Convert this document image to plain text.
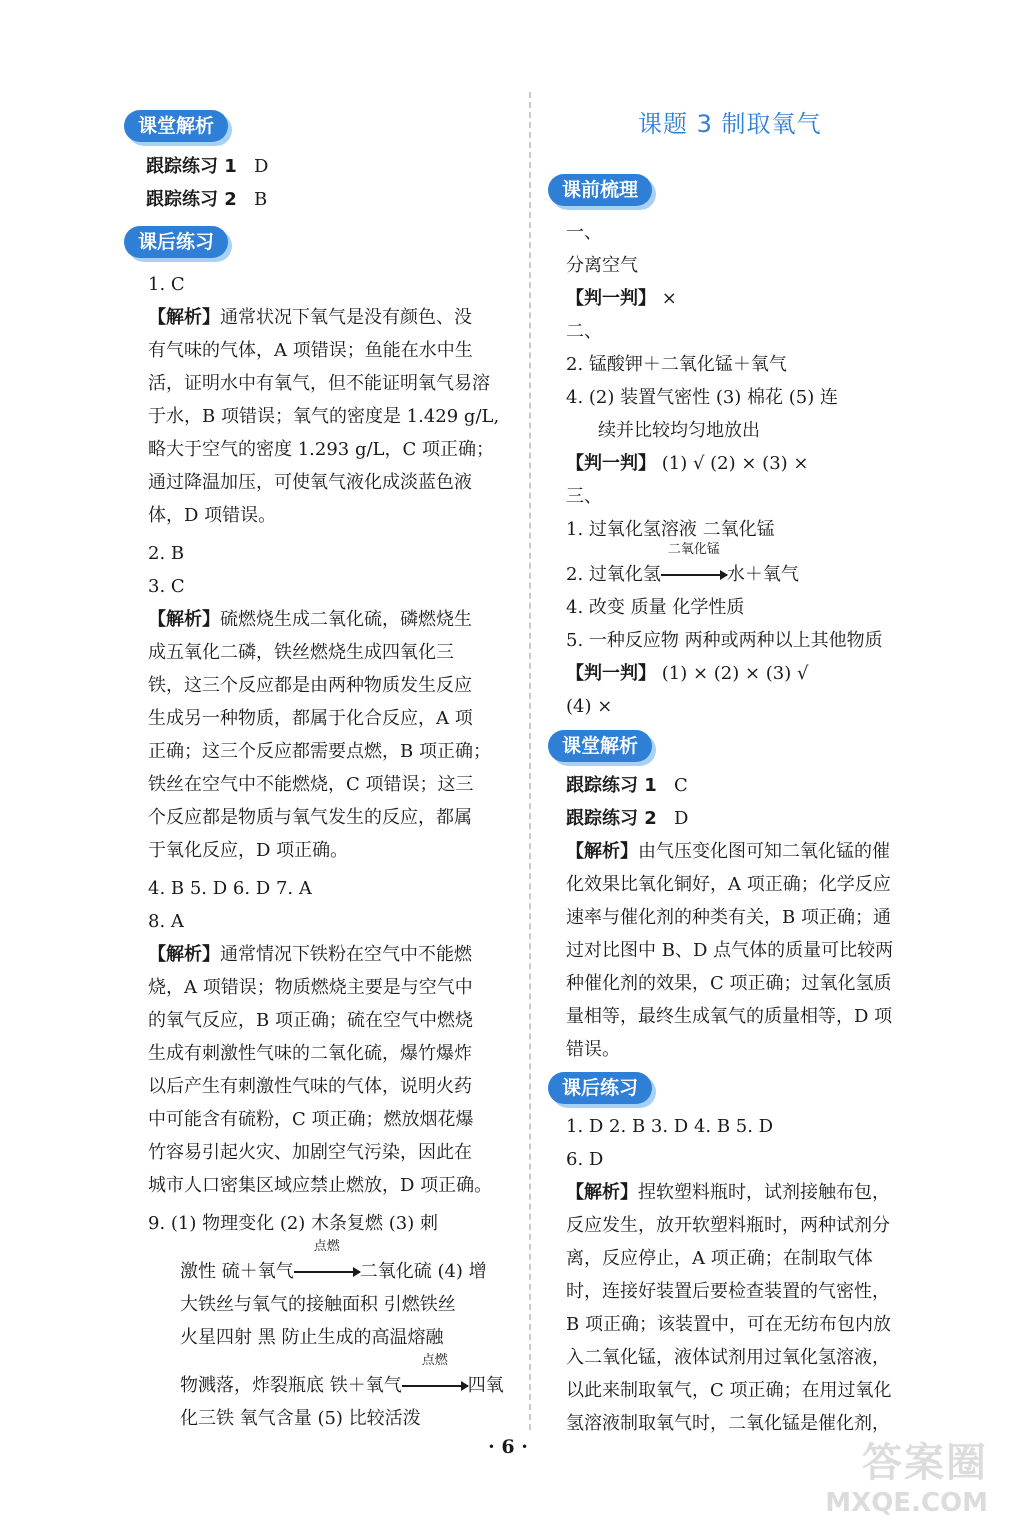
课堂解析
跟踪练习 1 D
跟踪练习 2 B
课后练习
1. C
【解析】通常状况下氧气是没有颜色、没
有气味的气体，A 项错误；鱼能在水中生
活，证明水中有氧气，但不能证明氧气易溶
于水，B 项错误；氧气的密度是 1.429 g/L,
略大于空气的密度 1.293 g/L，C 项正确；
通过降温加压，可使氧气液化成淡蓝色液
体，D 项错误。
2. B
3. C
【解析】硫燃烧生成二氧化硫，磷燃烧生
成五氧化二磷，铁丝燃烧生成四氧化三
铁，这三个反应都是由两种物质发生反应
生成另一种物质，都属于化合反应，A 项
正确；这三个反应都需要点燃，B 项正确；
铁丝在空气中不能燃烧，C 项错误；这三
个反应都是物质与氧气发生的反应，都属
于氧化反应，D 项正确。
4. B 5. D 6. D 7. A
8. A
【解析】通常情况下铁粉在空气中不能燃
烧，A 项错误；物质燃烧主要是与空气中
的氧气反应，B 项正确；硫在空气中燃烧
生成有刺激性气味的二氧化硫，爆竹爆炸
以后产生有刺激性气味的气体，说明火药
中可能含有硫粉，C 项正确；燃放烟花爆
竹容易引起火灾、加剧空气污染，因此在
城市人口密集区域应禁止燃放，D 项正确。
9. (1) 物理变化 (2) 木条复燃 (3) 刺
激性 硫＋氧气
点燃
二氧化硫 (4) 增
大铁丝与氧气的接触面积 引燃铁丝
火星四射 黑 防止生成的高温熔融
物溅落，炸裂瓶底 铁＋氧气
点燃
四氧
化三铁 氧气含量 (5) 比较活泼
课题 3 制取氧气
课前梳理
一、
分离空气
【判一判】 ×
二、
2. 锰酸钾＋二氧化锰＋氧气
4. (2) 装置气密性 (3) 棉花 (5) 连
续并比较均匀地放出
【判一判】 (1) √ (2) × (3) ×
三、
1. 过氧化氢溶液 二氧化锰
2. 过氧化氢
二氧化锰
水＋氧气
4. 改变 质量 化学性质
5. 一种反应物 两种或两种以上其他物质
【判一判】 (1) × (2) × (3) √
(4) ×
课堂解析
跟踪练习 1 C
跟踪练习 2 D
【解析】由气压变化图可知二氧化锰的催
化效果比氧化铜好，A 项正确；化学反应
速率与催化剂的种类有关，B 项正确；通
过对比图中 B、D 点气体的质量可比较两
种催化剂的效果，C 项正确；过氧化氢质
量相等，最终生成氧气的质量相等，D 项
错误。
课后练习
1. D 2. B 3. D 4. B 5. D
6. D
【解析】捏软塑料瓶时，试剂接触布包，
反应发生，放开软塑料瓶时，两种试剂分
离，反应停止，A 项正确；在制取气体
时，连接好装置后要检查装置的气密性，
B 项正确；该装置中，可在无纺布包内放
入二氧化锰，液体试剂用过氧化氢溶液，
以此来制取氧气，C 项正确；在用过氧化
氢溶液制取氧气时，二氧化锰是催化剂，
· 6 ·	答案圈
MXQE.COM
